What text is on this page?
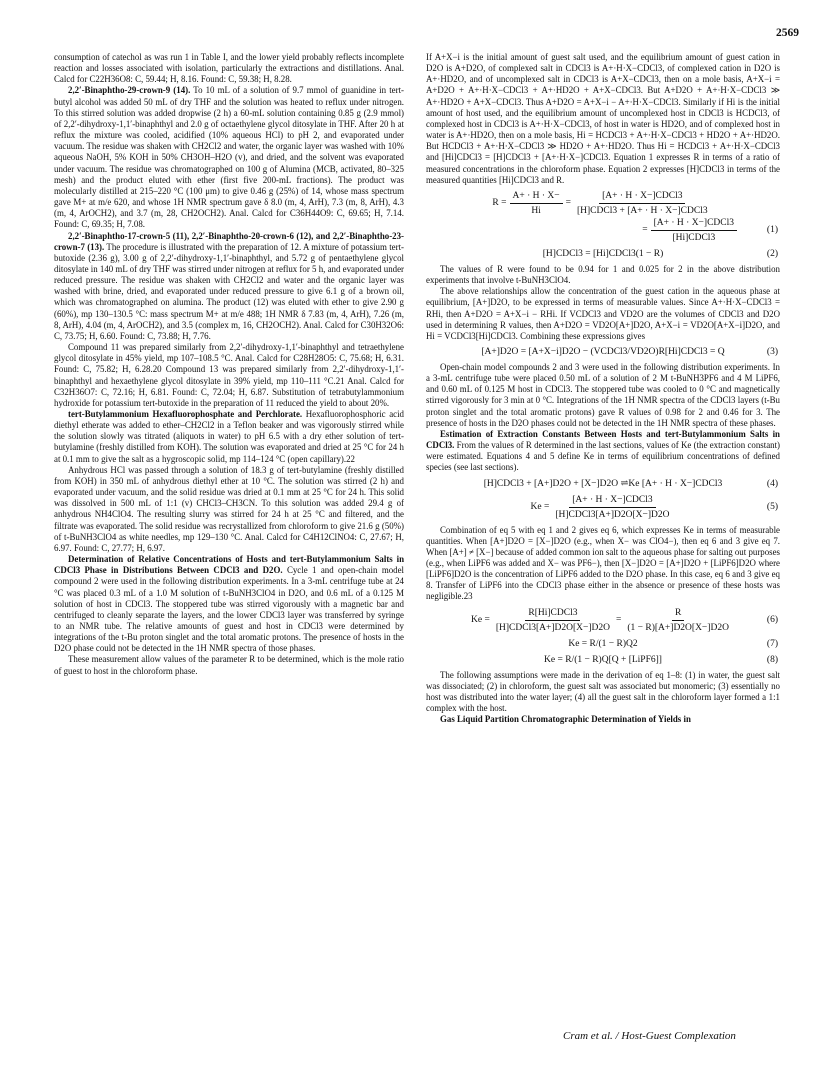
2569

consumption of catechol as was run 1 in Table I, and the lower yield probably reflects incomplete reaction and losses associated with isolation, particularly the extractions and distillations. Anal. Calcd for C22H36O8: C, 59.44; H, 8.16. Found: C, 59.38; H, 8.28.

2,2′-Binaphtho-29-crown-9 (14). To 10 mL of a solution of 9.7 mmol of guanidine in tert-butyl alcohol was added 50 mL of dry THF and the solution was heated to reflux under nitrogen. To this stirred solution was added dropwise (2 h) a 60-mL solution containing 0.85 g (2.9 mmol) of 2,2′-dihydroxy-1,1′-binaphthyl and 2.0 g of octaethylene glycol ditosylate in THF. After 20 h at reflux the mixture was cooled, acidified (10% aqueous HCl) to pH 2, and evaporated under vacuum. The residue was shaken with CH2Cl2 and water, the organic layer was washed with 10% aqueous NaOH, 5% KOH in 50% CH3OH–H2O (v), and dried, and the solvent was evaporated under vacuum. The residue was chromatographed on 100 g of Alumina (MCB, activated, 80–325 mesh) and the product eluted with ether (first five 200-mL fractions). The product was molecularly distilled at 215–220 °C (100 μm) to give 0.46 g (25%) of 14, whose mass spectrum gave M+ at m/e 620, and whose 1H NMR spectrum gave δ 8.0 (m, 4, ArH), 7.3 (m, 8, ArH), 4.3 (m, 4, ArOCH2), and 3.7 (m, 28, CH2OCH2). Anal. Calcd for C36H44O9: C, 69.65; H, 7.14. Found: C, 69.35; H, 7.08.

2,2′-Binaphtho-17-crown-5 (11), 2,2′-Binaphtho-20-crown-6 (12), and 2,2′-Binaphtho-23-crown-7 (13). The procedure is illustrated with the preparation of 12. A mixture of potassium tert-butoxide (2.36 g), 3.00 g of 2,2′-dihydroxy-1,1′-binaphthyl, and 5.72 g of pentaethylene glycol ditosylate in 140 mL of dry THF was stirred under nitrogen at reflux for 5 h, and evaporated under reduced pressure. The residue was shaken with CH2Cl2 and water and the organic layer was washed with brine, dried, and evaporated under reduced pressure to give 6.1 g of a brown oil, which was chromatographed on alumina. The product (12) was eluted with ether to give 2.90 g (60%), mp 130–130.5 °C: mass spectrum M+ at m/e 488; 1H NMR δ 7.83 (m, 4, ArH), 7.26 (m, 8, ArH), 4.04 (m, 4, ArOCH2), and 3.5 (complex m, 16, CH2OCH2). Anal. Calcd for C30H32O6: C, 73.75; H, 6.60. Found: C, 73.88; H, 7.76.

Compound 11 was prepared similarly from 2,2′-dihydroxy-1,1′-binaphthyl and tetraethylene glycol ditosylate in 45% yield, mp 107–108.5 °C. Anal. Calcd for C28H28O5: C, 75.68; H, 6.31. Found: C, 75.82; H, 6.28.20 Compound 13 was prepared similarly from 2,2′-dihydroxy-1,1′-binaphthyl and hexaethylene glycol ditosylate in 39% yield, mp 110–111 °C.21 Anal. Calcd for C32H36O7: C, 72.16; H, 6.81. Found: C, 72.04; H, 6.87. Substitution of tetrabutylammonium hydroxide for potassium tert-butoxide in the preparation of 11 reduced the yield to about 20%.

tert-Butylammonium Hexafluorophosphate and Perchlorate. Hexafluorophosphoric acid diethyl etherate was added to ether–CH2Cl2 in a Teflon beaker and was vigorously stirred while the solution slowly was titrated (aliquots in water) to pH 6.5 with a dry ether solution of tert-butylamine (freshly distilled from KOH). The solution was evaporated and dried at 25 °C for 24 h at 0.1 mm to give the salt as a hygroscopic solid, mp 114–124 °C (open capillary).22

Anhydrous HCl was passed through a solution of 18.3 g of tert-butylamine (freshly distilled from KOH) in 350 mL of anhydrous diethyl ether at 10 °C. The solution was stirred (2 h) and evaporated under vacuum, and the solid residue was dried at 0.1 mm at 25 °C for 24 h. This solid was dissolved in 500 mL of 1:1 (v) CHCl3–CH3CN. To this solution was added 29.4 g of anhydrous NH4ClO4. The resulting slurry was stirred for 24 h at 25 °C and filtered, and the filtrate was evaporated. The solid residue was recrystallized from chloroform to give 21.6 g (50%) of t-BuNH3ClO4 as white needles, mp 129–130 °C. Anal. Calcd for C4H12ClNO4: C, 27.67; H, 6.97. Found: C, 27.77; H, 6.97.

Determination of Relative Concentrations of Hosts and tert-Butylammonium Salts in CDCl3 Phase in Distributions Between CDCl3 and D2O. Cycle 1 and open-chain model compound 2 were used in the following distribution experiments. In a 3-mL centrifuge tube at 24 °C was placed 0.3 mL of a 1.0 M solution of t-BuNH3ClO4 in D2O, and 0.6 mL of a 0.125 M solution of host in CDCl3. The stoppered tube was stirred vigorously with a magnetic bar and centrifuged to cleanly separate the layers, and the lower CDCl3 layer was transferred by syringe to an NMR tube. The relative amounts of guest and host in CDCl3 were determined by integrations of the t-Bu proton singlet and the total aromatic protons. The presence of hosts in the D2O phase could not be detected in the 1H NMR spectra of those phases.

These measurement allow values of the parameter R to be determined, which is the mole ratio of guest to host in the chloroform phase.

If A+X−i is the initial amount of guest salt used, and the equilibrium amount of guest cation in D2O is A+D2O, of complexed salt in CDCl3 is A+·H·X−CDCl3, of complexed cation in D2O is A+·HD2O, and of uncomplexed salt in CDCl3 is A+X−CDCl3, then on a mole basis, A+X−i = A+D2O + A+·H·X−CDCl3 + A+·HD2O + A+X−CDCl3. But A+D2O + A+·H·X−CDCl3 ≫ A+·HD2O + A+X−CDCl3. Thus A+D2O = A+X−i − A+·H·X−CDCl3. Similarly if Hi is the initial amount of host used, and the equilibrium amount of uncomplexed host in CDCl3 is HCDCl3, of complexed host in CDCl3 is A+·H·X−CDCl3, of host in water is HD2O, and of complexed host in water is A+·HD2O, then on a mole basis, Hi = HCDCl3 + A+·H·X−CDCl3 + HD2O + A+·HD2O. But HCDCl3 + A+·H·X−CDCl3 ≫ HD2O + A+·HD2O. Thus Hi = HCDCl3 + A+·H·X−CDCl3 and [Hi]CDCl3 = [H]CDCl3 + [A+·H·X−]CDCl3. Equation 1 expresses R in terms of a ratio of measured concentrations in the chloroform phase. Equation 2 expresses [H]CDCl3 in terms of the measured quantities [Hi]CDCl3 and R.

$R = \frac{A+ \cdot H \cdot X-}{Hi} = \frac{\text{[A+ · H · X−]CDCl3}}{\text{[H]CDCl3 + [A+ · H · X−]CDCl3}}$
= $\frac{\text{[A+ · H · X−]CDCl3}}{\text{[Hi]CDCl3}}$	(1)
[H]CDCl3 = [Hi]CDCl3(1 − R)	(2)

The values of R were found to be 0.94 for 1 and 0.025 for 2 in the above distribution experiments that involve t-BuNH3ClO4.

The above relationships allow the concentration of the guest cation in the aqueous phase at equilibrium, [A+]D2O, to be expressed in terms of measurable values. Since A+·H·X−CDCl3 = RHi, then A+D2O = A+X−i − RHi. If VCDCl3 and VD2O are the volumes of CDCl3 and D2O used in determining R values, then A+D2O = VD2O[A+]D2O, A+X−i = VD2O[A+X−i]D2O, and Hi = VCDCl3[Hi]CDCl3. Combining these expressions gives

[A+]D2O = [A+X−i]D2O − (VCDCl3/VD2O)R[Hi]CDCl3 = Q	(3)

Open-chain model compounds 2 and 3 were used in the following distribution experiments. In a 3-mL centrifuge tube were placed 0.50 mL of a solution of 2 M t-BuNH3PF6 and 4 M LiPF6, and 0.60 mL of 0.125 M host in CDCl3. The stoppered tube was cooled to 0 °C and magnetically stirred vigorously for 3 min at 0 °C. Integrations of the 1H NMR spectra of the CDCl3 layers (t-Bu proton singlet and the total aromatic protons) gave R values of 0.98 for 2 and 0.46 for 3. The presence of hosts in the D2O phases could not be detected in the 1H NMR spectra of these phases.

Estimation of Extraction Constants Between Hosts and tert-Butylammonium Salts in CDCl3. From the values of R determined in the last sections, values of Ke (the extraction constant) were estimated. Equations 4 and 5 define Ke in terms of equilibrium concentrations of defined species (see last sections).

[H]CDCl3 + [A+]D2O + [X−]D2O ⇌Ke [A+ · H · X−]CDCl3	(4)
$Ke = \frac{\text{[A+ · H · X−]CDCl3}}{\text{[H]CDCl3[A+]D2O[X−]D2O}}$	(5)

Combination of eq 5 with eq 1 and 2 gives eq 6, which expresses Ke in terms of measurable quantities. When [A+]D2O = [X−]D2O (e.g., when X− was ClO4−), then eq 6 and 3 give eq 7. When [A+] ≠ [X−] because of added common ion salt to the aqueous phase for salting out purposes (e.g., when LiPF6 was added and X− was PF6−), then [X−]D2O = [A+]D2O + [LiPF6]D2O where [LiPF6]D2O is the concentration of LiPF6 added to the D2O phase. In this case, eq 6 and 3 give eq 8. Transfer of LiPF6 into the CDCl3 phase either in the absence or presence of these hosts was negligible.23

$Ke = \frac{\text{R[Hi]CDCl3}}{\text{[H]CDCl3[A+]D2O[X−]D2O}} = \frac{R}{(1 - R)[A+]D2O[X-]D2O}$	(6)
Ke = R/(1 − R)Q2	(7)
Ke = R/(1 − R)Q[Q + [LiPF6]]	(8)

The following assumptions were made in the derivation of eq 1–8: (1) in water, the guest salt was dissociated; (2) in chloroform, the guest salt was associated but monomeric; (3) essentially no host was distributed into the water layer; (4) all the guest salt in the chloroform layer formed a 1:1 complex with the host.

Gas Liquid Partition Chromatographic Determination of Yields in

Cram et al. / Host-Guest Complexation
